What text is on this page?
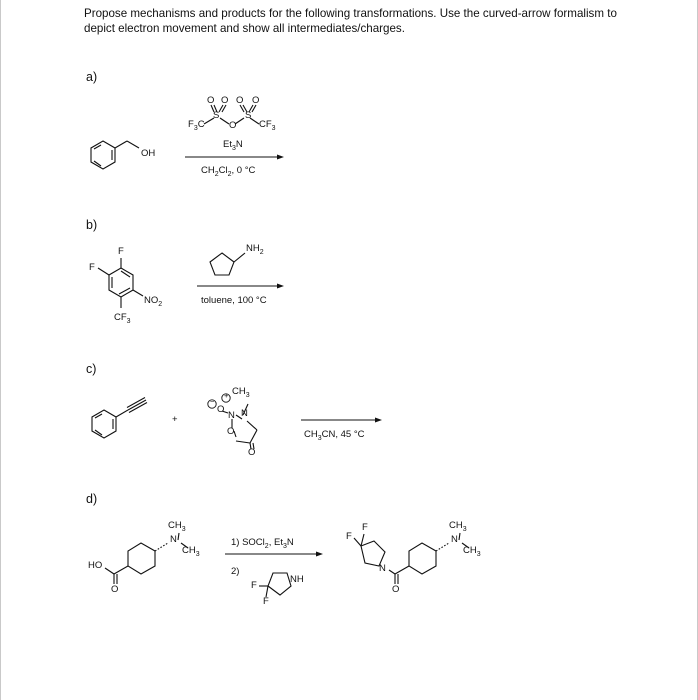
Propose mechanisms and products for the following transformations. Use the curved-arrow formalism to depict electron movement and show all intermediates/charges.
a)
b)
c)
d)
OH
O O O O
S	S
O
$F_3C$	$CF_3$
$Et_3N$
$CH_2Cl_2$, 0 °C
F
F
$NO_2$
$CF_3$
$NH_2$
toluene, 100 °C
+
+
−
$CH_3$
O N
N
O
O
$CH_3CN$, 45 °C
HO
O
$CH_3$
N
$CH_3$
1) SOCl$_2$, $Et_3N$
2)
NH
F
F
F
F
N
O
$CH_3$
N
$CH_3$
